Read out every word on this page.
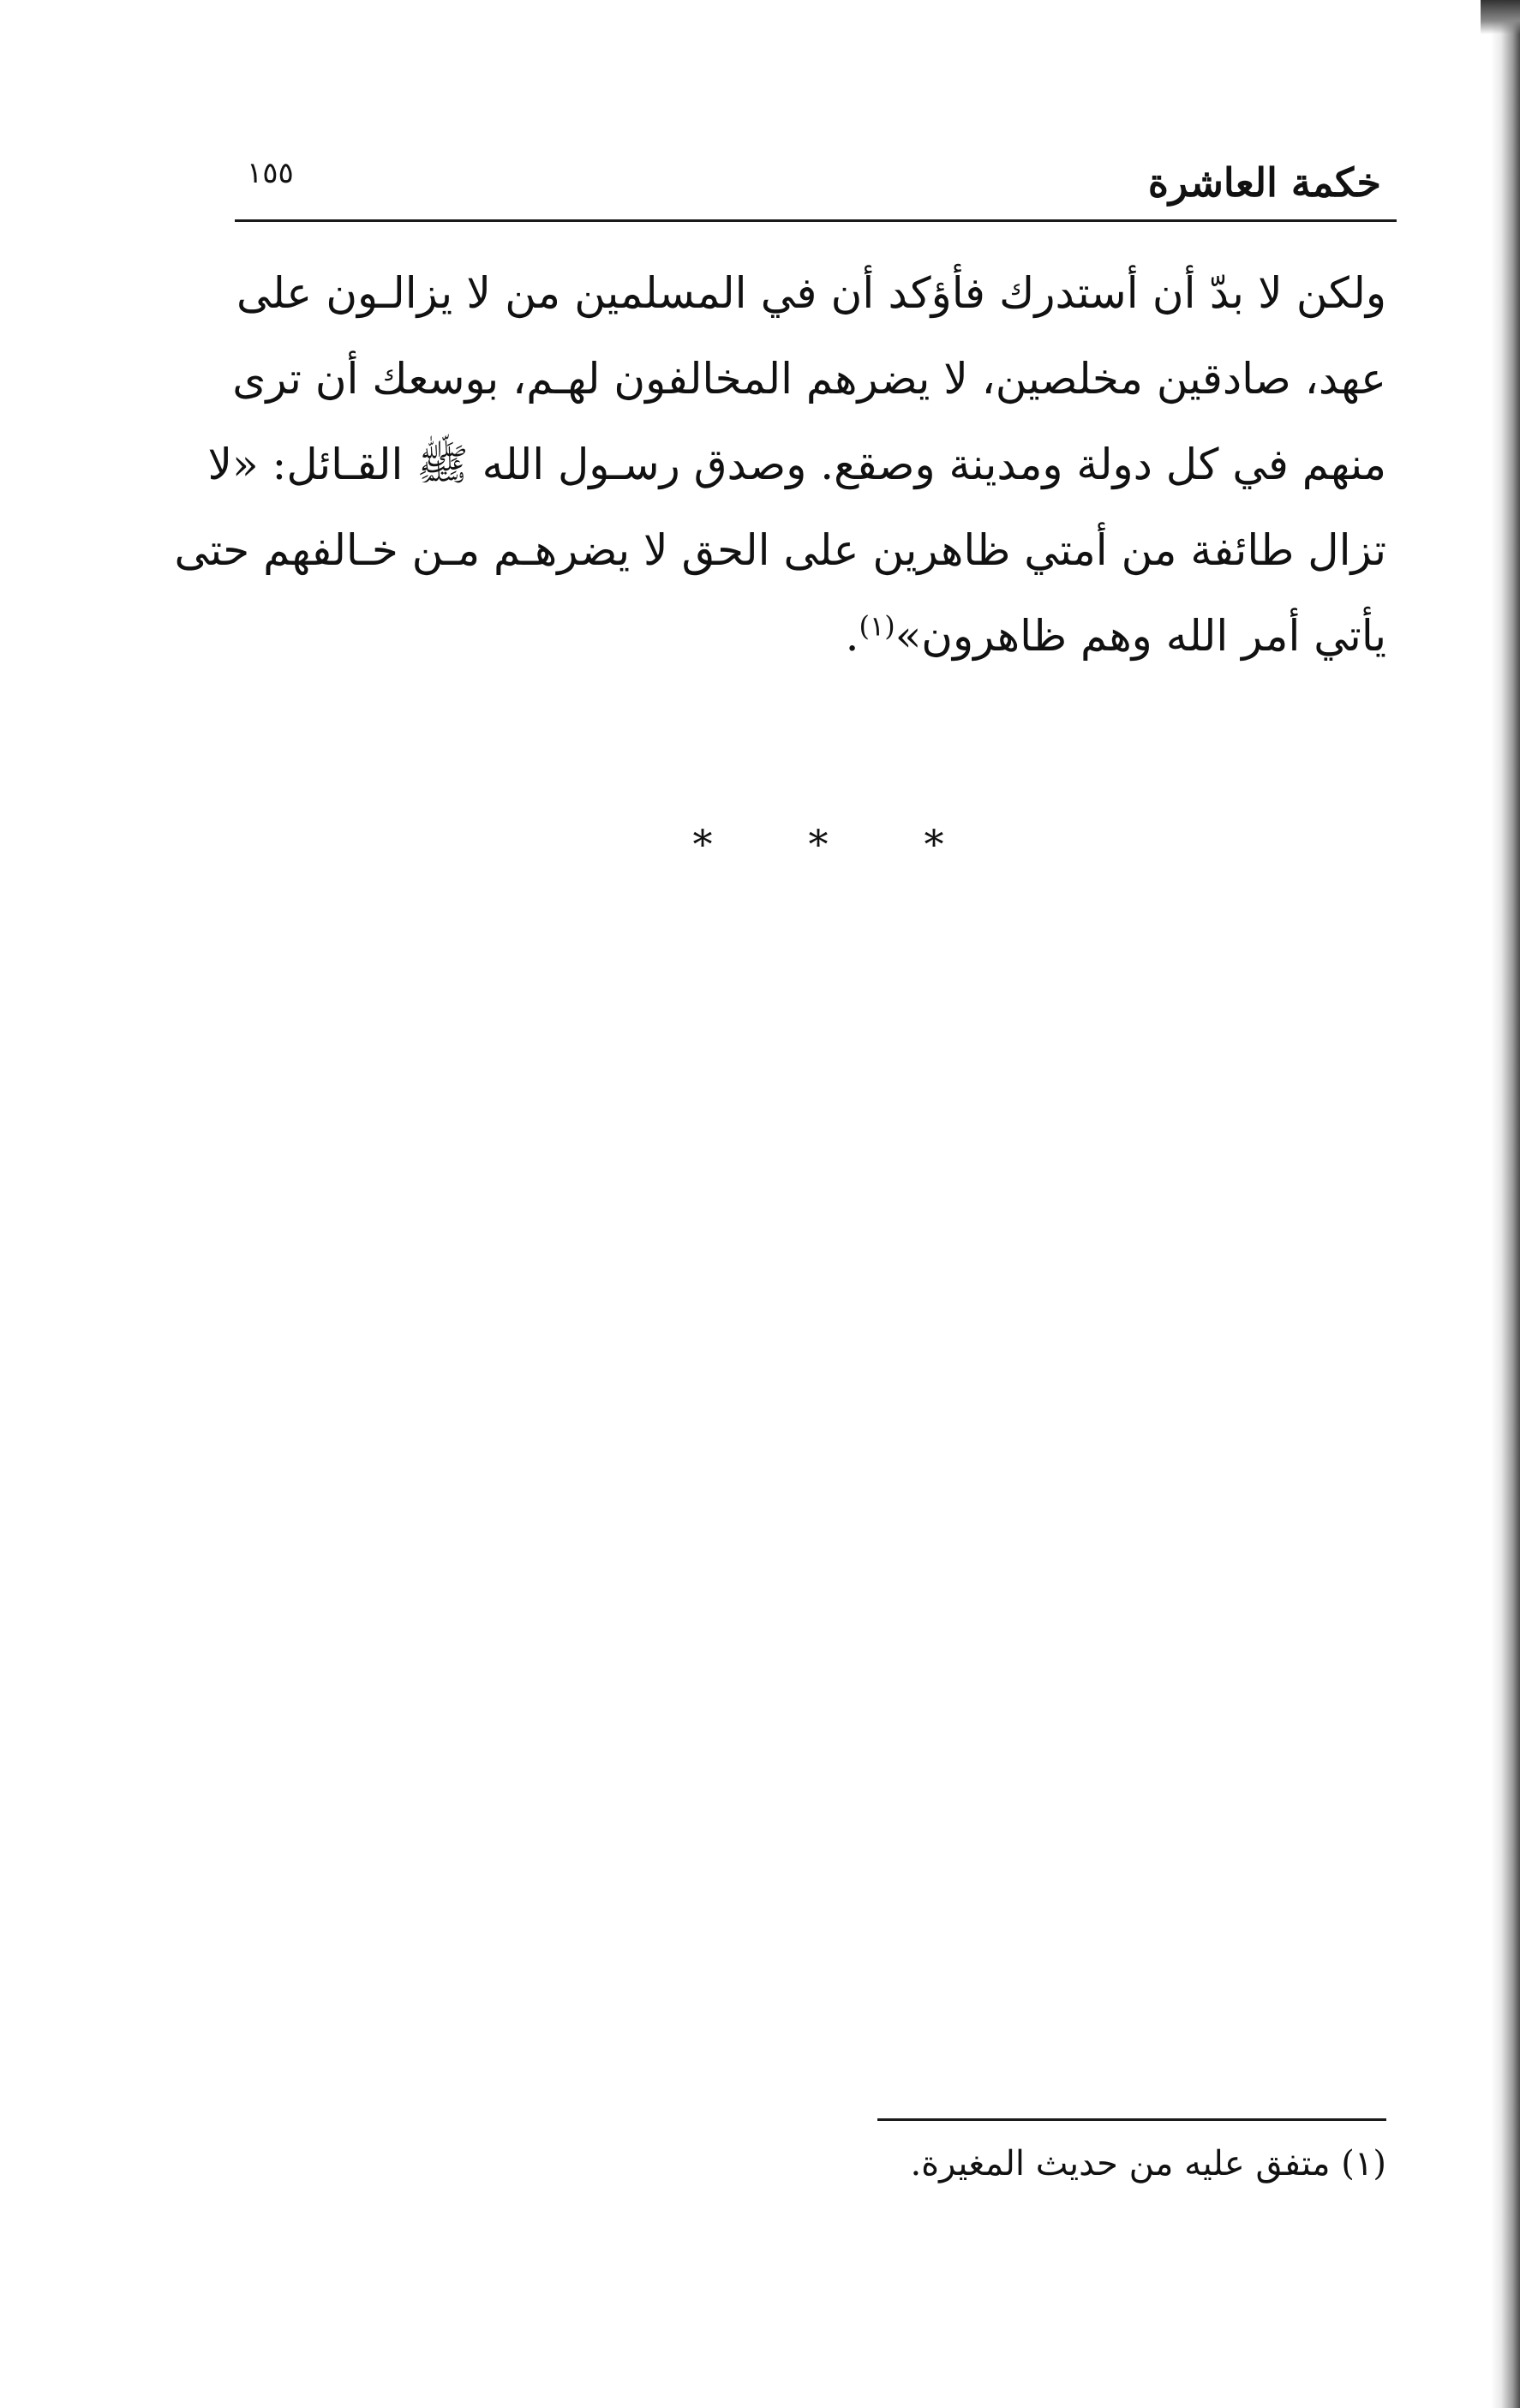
خكمة العاشرة
١٥٥
ولكن لا بدّ أن أستدرك فأؤكد أن في المسلمين من لا يزالـون على
عهد، صادقين مخلصين، لا يضرهم المخالفون لهـم، بوسعك أن ترى
منهم في كل دولة ومدينة وصقع. وصدق رسـول الله ﷺ القـائل: «لا
تزال طائفة من أمتي ظاهرين على الحق لا يضرهـم مـن خـالفهم حتى
يأتي أمر الله وهم ظاهرون»$^{(١)}$.
*	*	*
(١) متفق عليه من حديث المغيرة.
